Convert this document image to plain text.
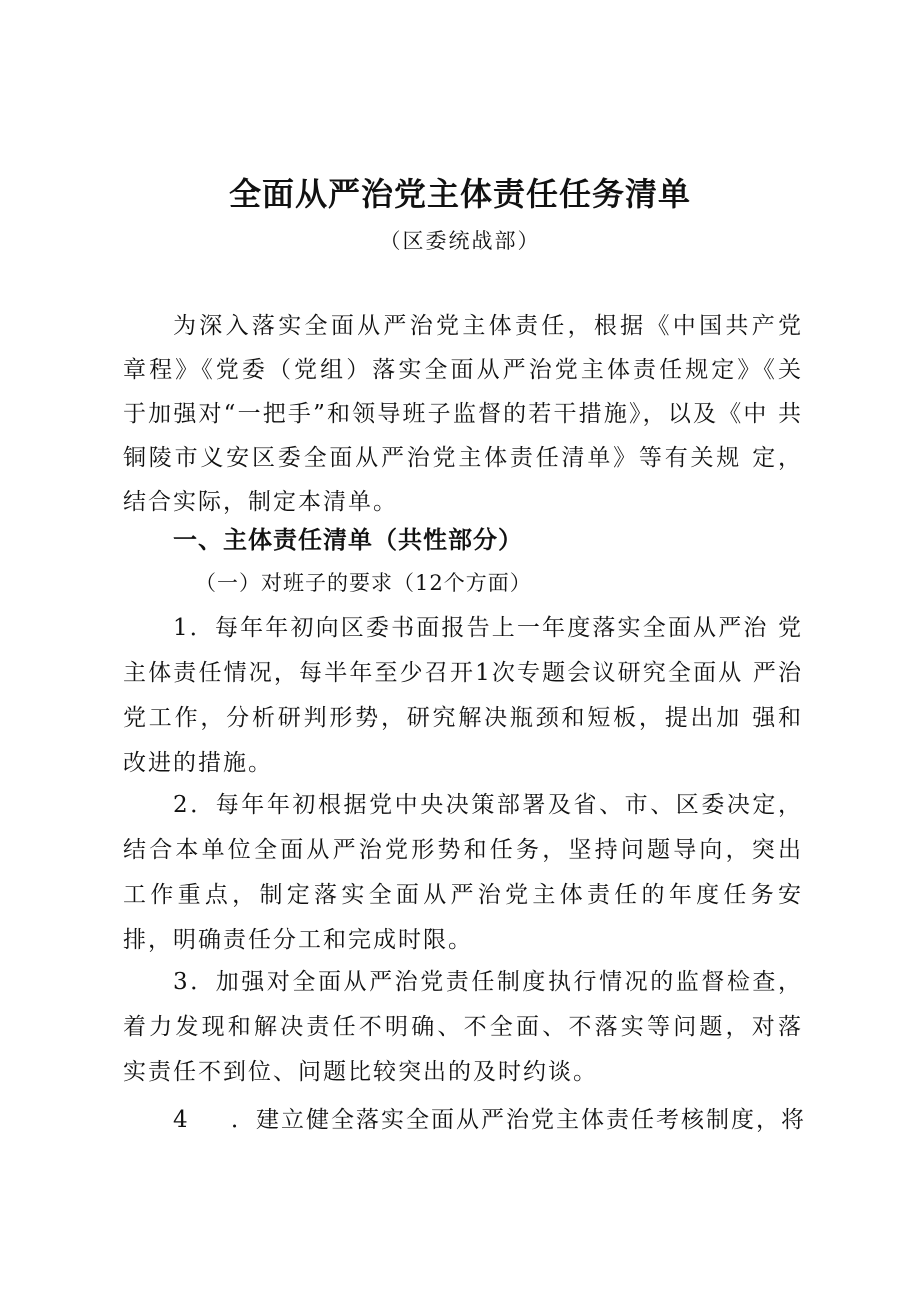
全面从严治党主体责任任务清单
（区委统战部）

为深入落实全面从严治党主体责任，根据《中国共产党 章程》《党委（党组）落实全面从严治党主体责任规定》《关 于加强对“一把手”和领导班子监督的若干措施》，以及《中 共铜陵市义安区委全面从严治党主体责任清单》等有关规 定，结合实际，制定本清单。

一、主体责任清单（共性部分）
（一）对班子的要求（12个方面）

1．每年年初向区委书面报告上一年度落实全面从严治 党主体责任情况，每半年至少召开1次专题会议研究全面从 严治党工作，分析研判形势，研究解决瓶颈和短板，提出加 强和改进的措施。

2．每年年初根据党中央决策部署及省、市、区委决定，结合本单位全面从严治党形势和任务，坚持问题导向，突出 工作重点，制定落实全面从严治党主体责任的年度任务安 排，明确责任分工和完成时限。

3．加强对全面从严治党责任制度执行情况的监督检查，着力发现和解决责任不明确、不全面、不落实等问题，对落 实责任不到位、问题比较突出的及时约谈。

4 ．建立健全落实全面从严治党主体责任考核制度，将
